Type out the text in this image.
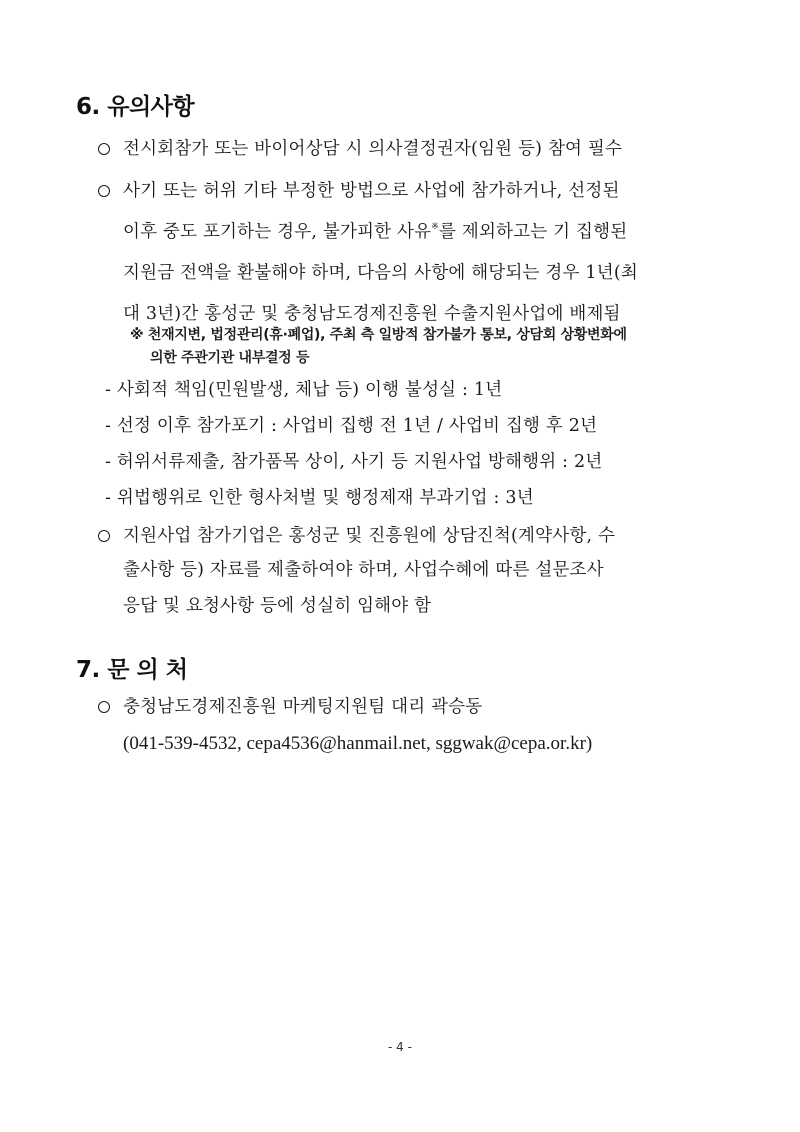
6. 유의사항
전시회참가 또는 바이어상담 시 의사결정권자(임원 등) 참여 필수
사기 또는 허위 기타 부정한 방법으로 사업에 참가하거나, 선정된
이후 중도 포기하는 경우, 불가피한 사유※를 제외하고는 기 집행된
지원금 전액을 환불해야 하며, 다음의 사항에 해당되는 경우 1년(최
대 3년)간 홍성군 및 충청남도경제진흥원 수출지원사업에 배제됨
※ 천재지변, 법정관리(휴·폐업), 주최 측 일방적 참가불가 통보, 상담회 상황변화에
의한 주관기관 내부결정 등
- 사회적 책임(민원발생, 체납 등) 이행 불성실 : 1년
- 선정 이후 참가포기 : 사업비 집행 전 1년 / 사업비 집행 후 2년
- 허위서류제출, 참가품목 상이, 사기 등 지원사업 방해행위 : 2년
- 위법행위로 인한 형사처벌 및 행정제재 부과기업 : 3년
지원사업 참가기업은 홍성군 및 진흥원에 상담진척(계약사항, 수
출사항 등) 자료를 제출하여야 하며, 사업수혜에 따른 설문조사
응답 및 요청사항 등에 성실히 임해야 함
7. 문 의 처
충청남도경제진흥원 마케팅지원팀 대리 곽승동
(041-539-4532, cepa4536@hanmail.net, sggwak@cepa.or.kr)
- 4 -
